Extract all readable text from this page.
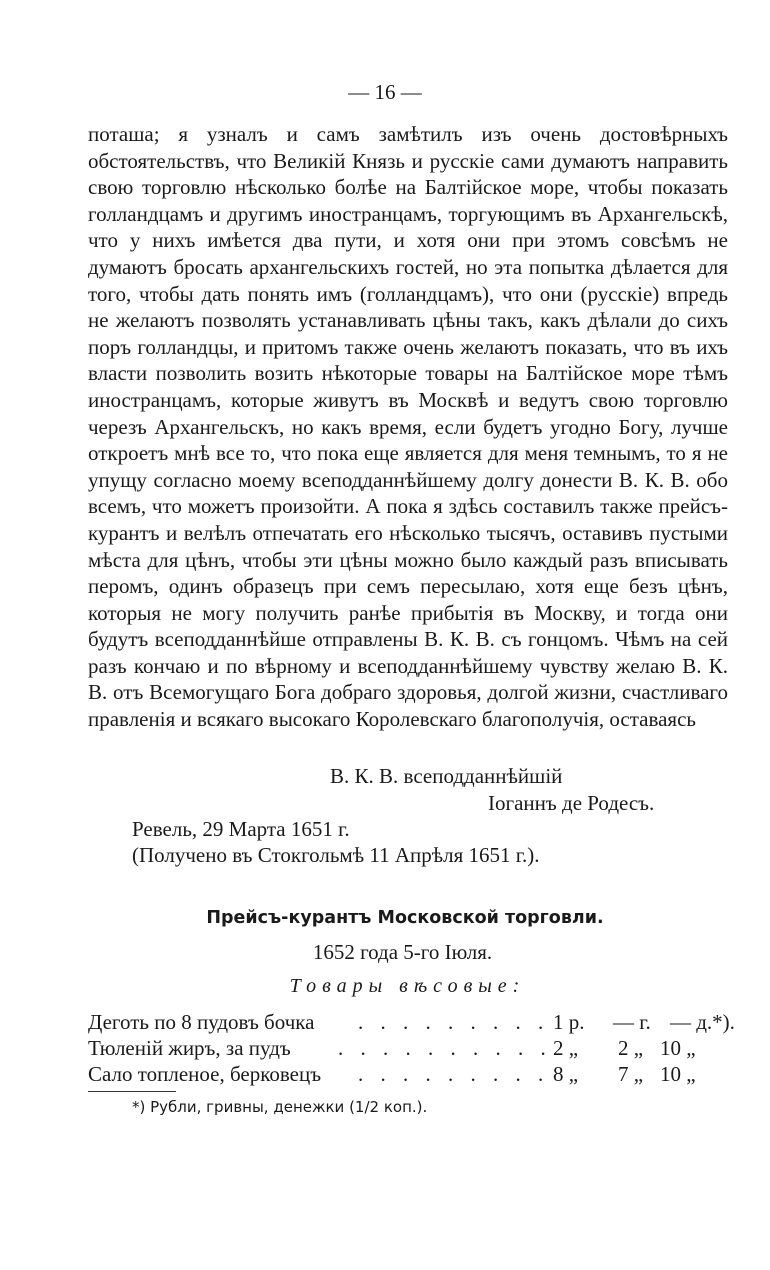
— 16 —

поташа; я узналъ и самъ замѣтилъ изъ очень достовѣрныхъ обстоятельствъ, что Великій Князь и русскіе сами думаютъ направить свою торговлю нѣсколько болѣе на Балтійское море, чтобы показать голландцамъ и другимъ иностранцамъ, торгующимъ въ Архангельскѣ, что у нихъ имѣется два пути, и хотя они при этомъ совсѣмъ не думаютъ бросать архангельскихъ гостей, но эта попытка дѣлается для того, чтобы дать понять имъ (голландцамъ), что они (русскіе) впредь не желаютъ позволять устанавливать цѣны такъ, какъ дѣлали до сихъ поръ голландцы, и притомъ также очень желаютъ показать, что въ ихъ власти позволить возить нѣкоторые товары на Балтійское море тѣмъ иностранцамъ, которые живутъ въ Москвѣ и ведутъ свою торговлю черезъ Архангельскъ, но какъ время, если будетъ угодно Богу, лучше откроетъ мнѣ все то, что пока еще является для меня темнымъ, то я не упущу согласно моему всеподданнѣйшему долгу донести В. К. В. обо всемъ, что можетъ произойти. А пока я здѣсь составилъ также прейсъ-курантъ и велѣлъ отпечатать его нѣсколько тысячъ, оставивъ пустыми мѣста для цѣнъ, чтобы эти цѣны можно было каждый разъ вписывать перомъ, одинъ образецъ при семъ пересылаю, хотя еще безъ цѣнъ, которыя не могу получить ранѣе прибытія въ Москву, и тогда они будутъ всеподданнѣйше отправлены В. К. В. съ гонцомъ. Чѣмъ на сей разъ кончаю и по вѣрному и всеподданнѣйшему чувству желаю В. К. В. отъ Всемогущаго Бога добраго здоровья, долгой жизни, счастливаго правленія и всякаго высокаго Королевскаго благополучія, оставаясь

В. К. В. всеподданнѣйшій
Іоганнъ де Родесъ.
Ревель, 29 Марта 1651 г.
(Получено въ Стокгольмѣ 11 Апрѣля 1651 г.).
Прейсъ-курантъ Московской торговли.
1652 года 5-го Іюля.
Товары вѣсовые:
Деготь по 8 пудовъ бочка . . . . . . . . . 1 р. — г. — д.*).
Тюленій жиръ, за пудъ . . . . . . . . . . 2 „ 2 „ 10 „
Сало топленое, берковецъ . . . . . . . . . 8 „ 7 „ 10 „
*) Рубли, гривны, денежки (1/2 коп.).
